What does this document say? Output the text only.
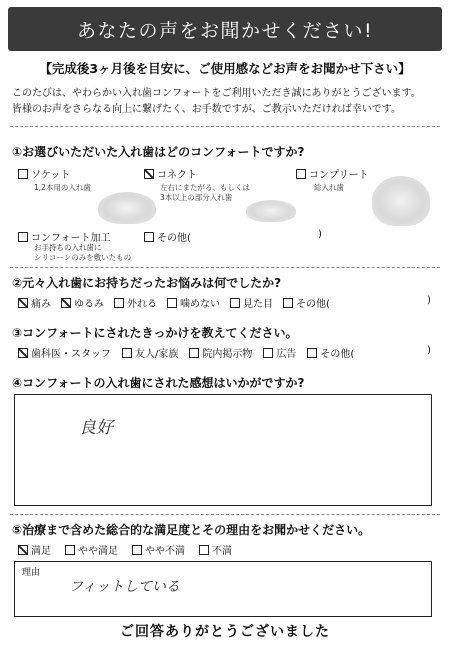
あなたの声をお聞かせください!
【完成後3ヶ月後を目安に、ご使用感などお声をお聞かせ下さい】
このたびは、やわらかい入れ歯コンフォートをご利用いただき誠にありがとうございます。
皆様のお声をさらなる向上に繋げたく、お手数ですが、ご教示いただければ幸いです。
①お選びいただいた入れ歯はどのコンフォートですか?
ソケット
1,2本用の入れ歯
コネクト
左右にまたがる、もしくは
3本以上の部分入れ歯
コンプリート
総入れ歯
コンフォート加工
お手持ちの入れ歯に
シリコーンのみを敷いたもの
その他(	)
②元々入れ歯にお持ちだったお悩みは何でしたか?
痛み ゆるみ 外れる 噛めない 見た目 その他(	)
③コンフォートにされたきっかけを教えてください。
歯科医・スタッフ 友人/家族 院内掲示物 広告 その他(	)
④コンフォートの入れ歯にされた感想はいかがですか?
良好
⑤治療まで含めた総合的な満足度とその理由をお聞かせください。
満足	やや満足	やや不満	不満
理由
フィットしている
ご回答ありがとうございました
